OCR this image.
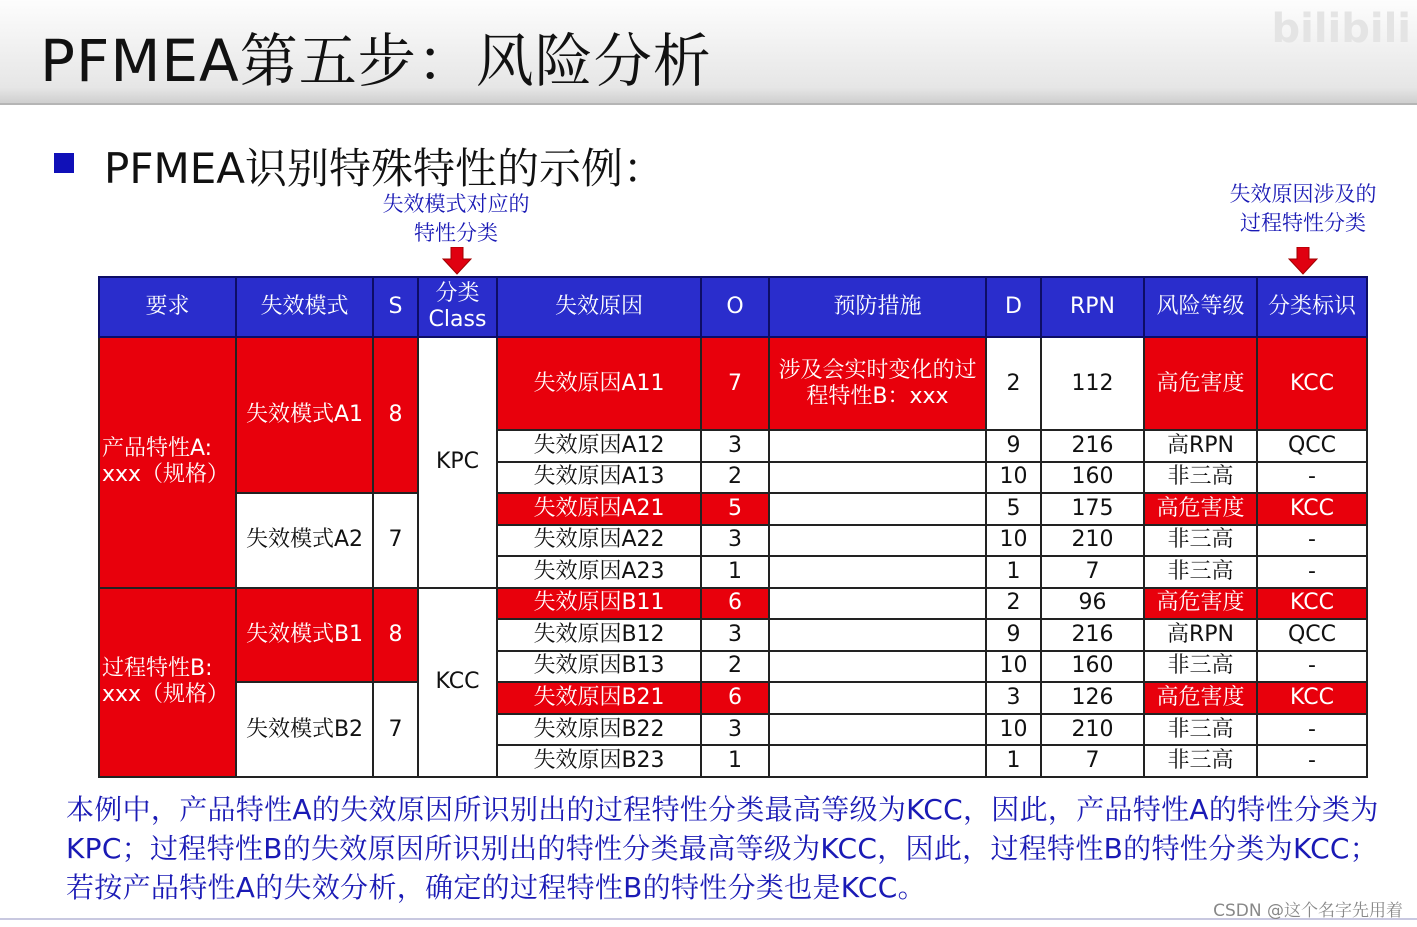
PFMEA第五步：风险分析	bilibili
PFMEA识别特殊特性的示例：
失效模式对应的
特性分类
失效原因涉及的
过程特性分类
要求	失效模式	S	分类 Class	失效原因	O	预防措施	D	RPN	风险等级	分类标识
产品特性A: xxx（规格）	失效模式A1	8	KPC	失效原因A11	7	涉及会实时变化的过程特性B：xxx	2	112	高危害度	KCC
				失效原因A12	3		9	216	高RPN	QCC
				失效原因A13	2		10	160	非三高	-
	失效模式A2	7		失效原因A21	5		5	175	高危害度	KCC
				失效原因A22	3		10	210	非三高	-
				失效原因A23	1		1	7	非三高	-
过程特性B: xxx（规格）	失效模式B1	8	KCC	失效原因B11	6		2	96	高危害度	KCC
				失效原因B12	3		9	216	高RPN	QCC
				失效原因B13	2		10	160	非三高	-
	失效模式B2	7		失效原因B21	6		3	126	高危害度	KCC
				失效原因B22	3		10	210	非三高	-
				失效原因B23	1		1	7	非三高	-
本例中，产品特性A的失效原因所识别出的过程特性分类最高等级为KCC，因此，产品特性A的特性分类为KPC；过程特性B的失效原因所识别出的特性分类最高等级为KCC，因此，过程特性B的特性分类为KCC；若按产品特性A的失效分析，确定的过程特性B的特性分类也是KCC。
CSDN @这个名字先用着
